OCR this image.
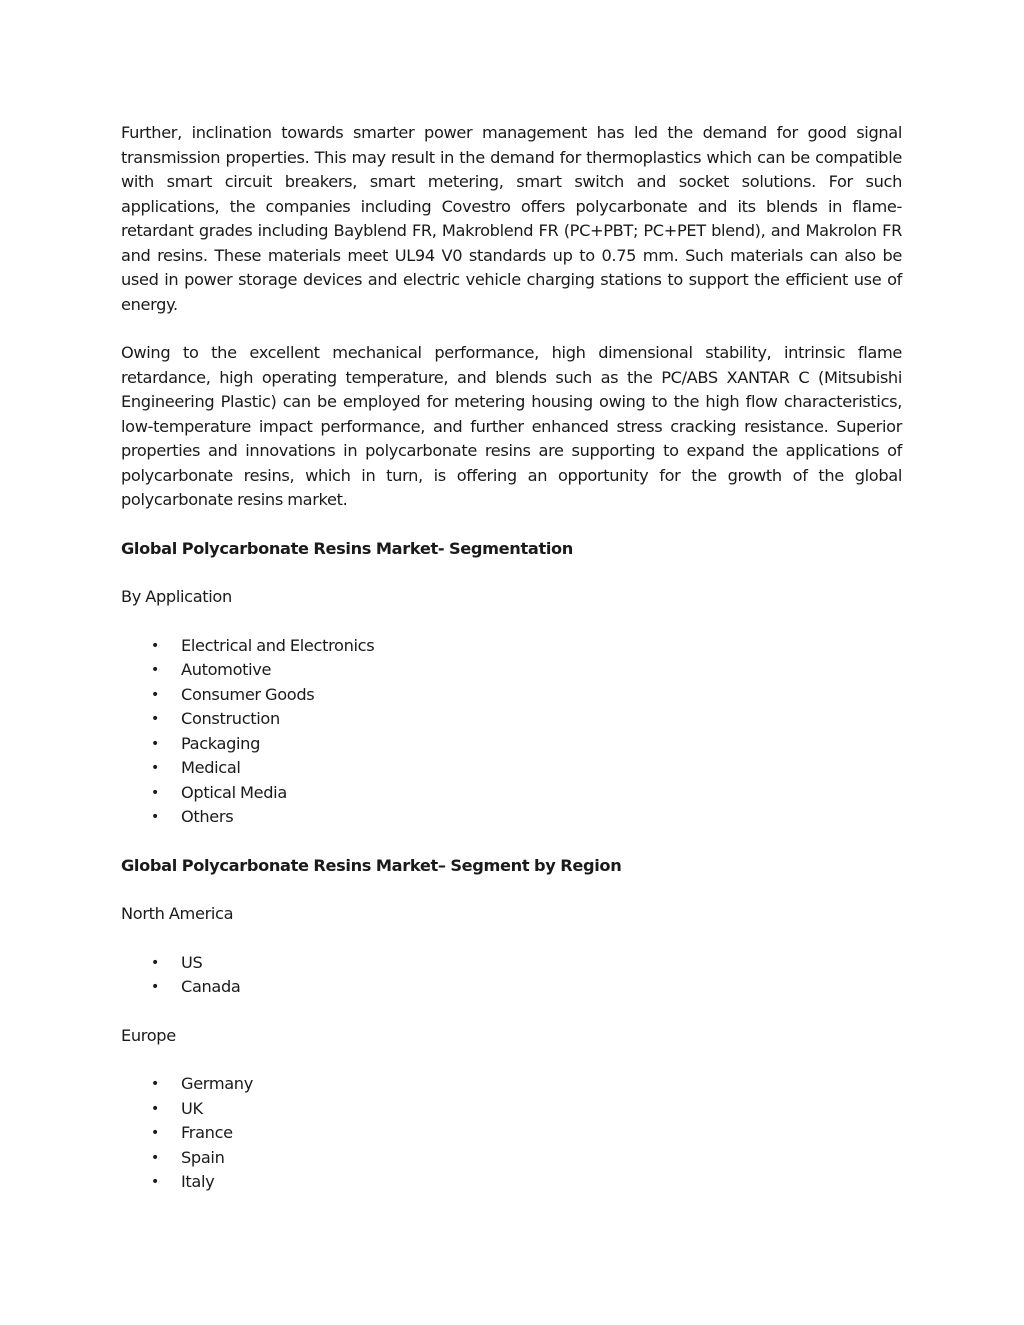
Further, inclination towards smarter power management has led the demand for good signal transmission properties. This may result in the demand for thermoplastics which can be compatible with smart circuit breakers, smart metering, smart switch and socket solutions. For such applications, the companies including Covestro offers polycarbonate and its blends in flame-retardant grades including Bayblend FR, Makroblend FR (PC+PBT; PC+PET blend), and Makrolon FR and resins. These materials meet UL94 V0 standards up to 0.75 mm. Such materials can also be used in power storage devices and electric vehicle charging stations to support the efficient use of energy.

Owing to the excellent mechanical performance, high dimensional stability, intrinsic flame retardance, high operating temperature, and blends such as the PC/ABS XANTAR C (Mitsubishi Engineering Plastic) can be employed for metering housing owing to the high flow characteristics, low-temperature impact performance, and further enhanced stress cracking resistance. Superior properties and innovations in polycarbonate resins are supporting to expand the applications of polycarbonate resins, which in turn, is offering an opportunity for the growth of the global polycarbonate resins market.

Global Polycarbonate Resins Market- Segmentation

By Application

• Electrical and Electronics
• Automotive
• Consumer Goods
• Construction
• Packaging
• Medical
• Optical Media
• Others

Global Polycarbonate Resins Market– Segment by Region

North America

• US
• Canada

Europe

• Germany
• UK
• France
• Spain
• Italy
